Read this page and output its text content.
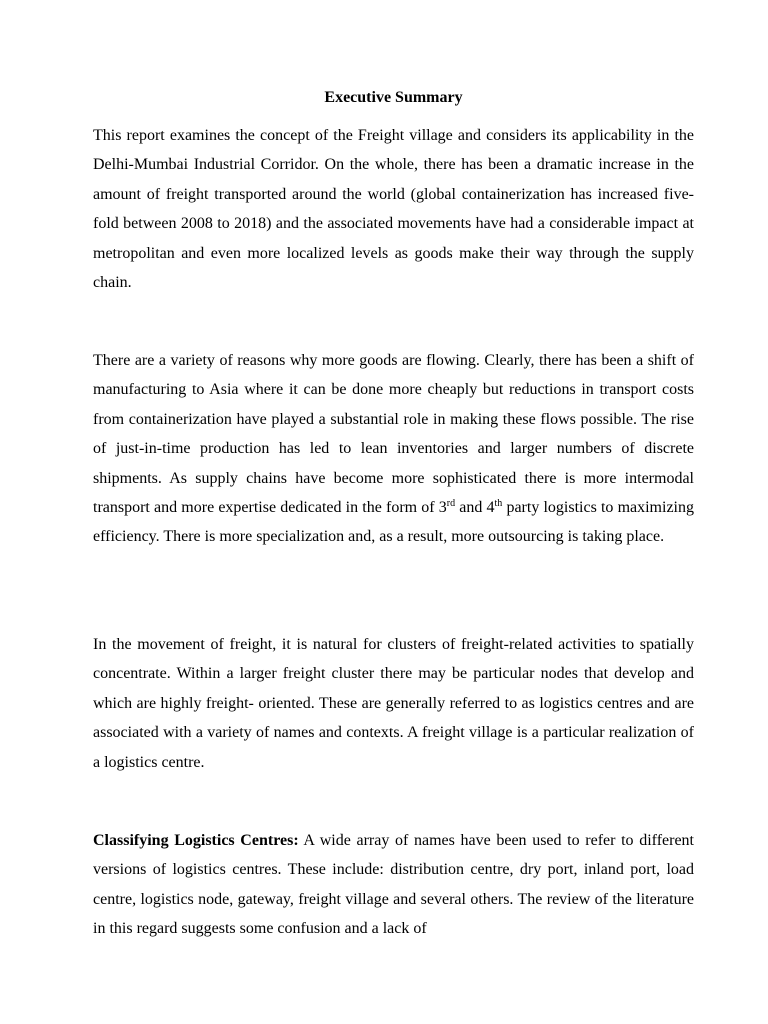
Executive Summary

This report examines the concept of the Freight village and considers its applicability in the Delhi-Mumbai Industrial Corridor. On the whole, there has been a dramatic increase in the amount of freight transported around the world (global containerization has increased five-fold between 2008 to 2018) and the associated movements have had a considerable impact at metropolitan and even more localized levels as goods make their way through the supply chain.

There are a variety of reasons why more goods are flowing. Clearly, there has been a shift of manufacturing to Asia where it can be done more cheaply but reductions in transport costs from containerization have played a substantial role in making these flows possible. The rise of just-in-time production has led to lean inventories and larger numbers of discrete shipments. As supply chains have become more sophisticated there is more intermodal transport and more expertise dedicated in the form of 3rd and 4th party logistics to maximizing efficiency. There is more specialization and, as a result, more outsourcing is taking place.

In the movement of freight, it is natural for clusters of freight-related activities to spatially concentrate. Within a larger freight cluster there may be particular nodes that develop and which are highly freight- oriented. These are generally referred to as logistics centres and are associated with a variety of names and contexts. A freight village is a particular realization of a logistics centre.

Classifying Logistics Centres: A wide array of names have been used to refer to different versions of logistics centres. These include: distribution centre, dry port, inland port, load centre, logistics node, gateway, freight village and several others. The review of the literature in this regard suggests some confusion and a lack of
